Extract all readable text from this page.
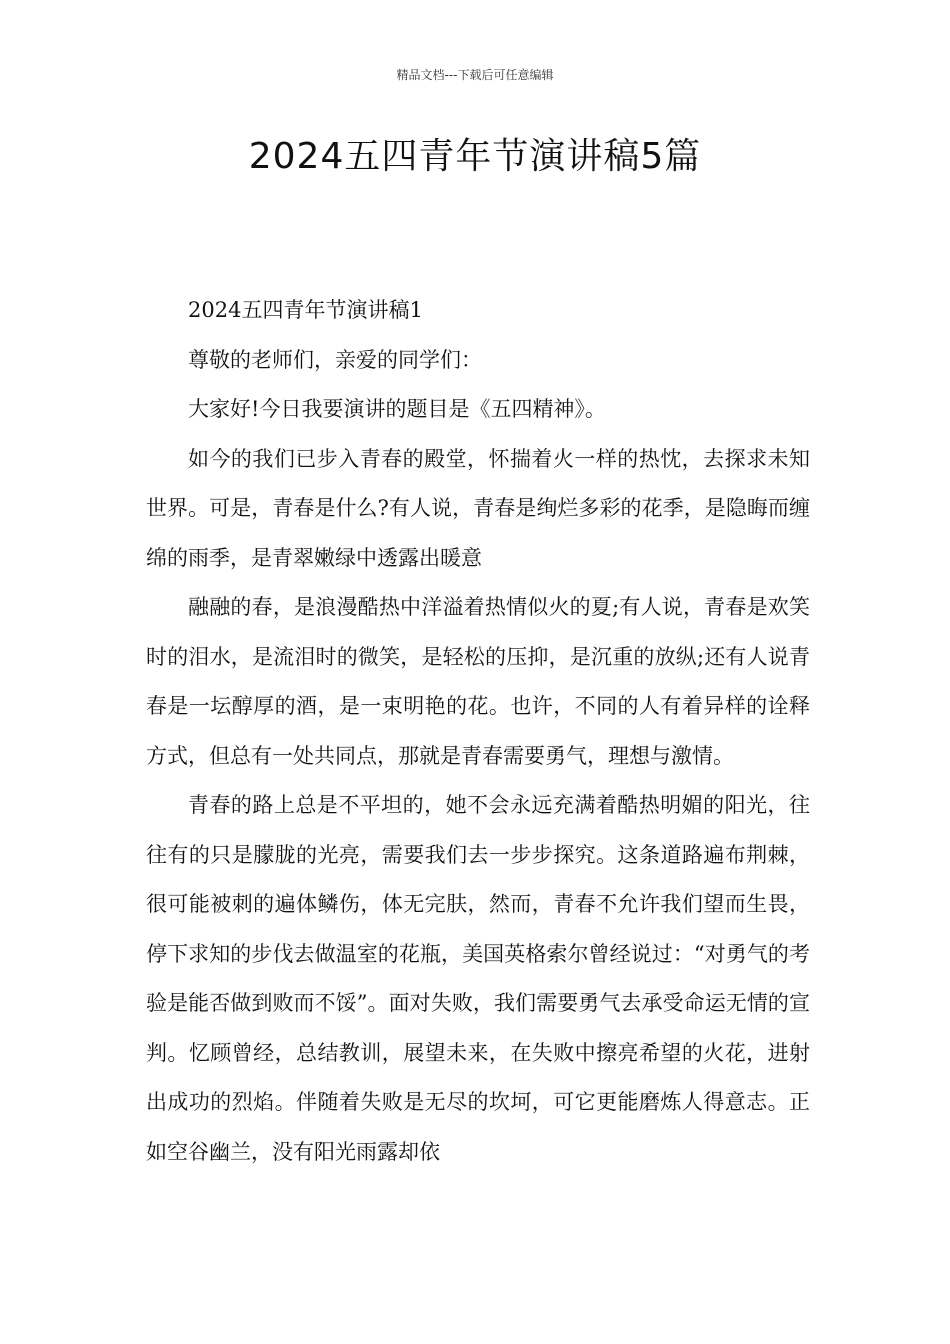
精品文档---下载后可任意编辑
2024五四青年节演讲稿5篇

2024五四青年节演讲稿1

尊敬的老师们，亲爱的同学们：

大家好!今日我要演讲的题目是《五四精神》。

如今的我们已步入青春的殿堂，怀揣着火一样的热忱，去探求未知世界。可是，青春是什么?有人说，青春是绚烂多彩的花季，是隐晦而缠绵的雨季，是青翠嫩绿中透露出暖意

融融的春，是浪漫酷热中洋溢着热情似火的夏;有人说，青春是欢笑时的泪水，是流泪时的微笑，是轻松的压抑，是沉重的放纵;还有人说青春是一坛醇厚的酒，是一束明艳的花。也许，不同的人有着异样的诠释方式，但总有一处共同点，那就是青春需要勇气，理想与激情。

青春的路上总是不平坦的，她不会永远充满着酷热明媚的阳光，往往有的只是朦胧的光亮，需要我们去一步步探究。这条道路遍布荆棘，很可能被刺的遍体鳞伤，体无完肤，然而，青春不允许我们望而生畏，停下求知的步伐去做温室的花瓶，美国英格索尔曾经说过：“对勇气的考验是能否做到败而不馁”。面对失败，我们需要勇气去承受命运无情的宣判。忆顾曾经，总结教训，展望未来，在失败中擦亮希望的火花，进射出成功的烈焰。伴随着失败是无尽的坎坷，可它更能磨炼人得意志。正如空谷幽兰，没有阳光雨露却依
